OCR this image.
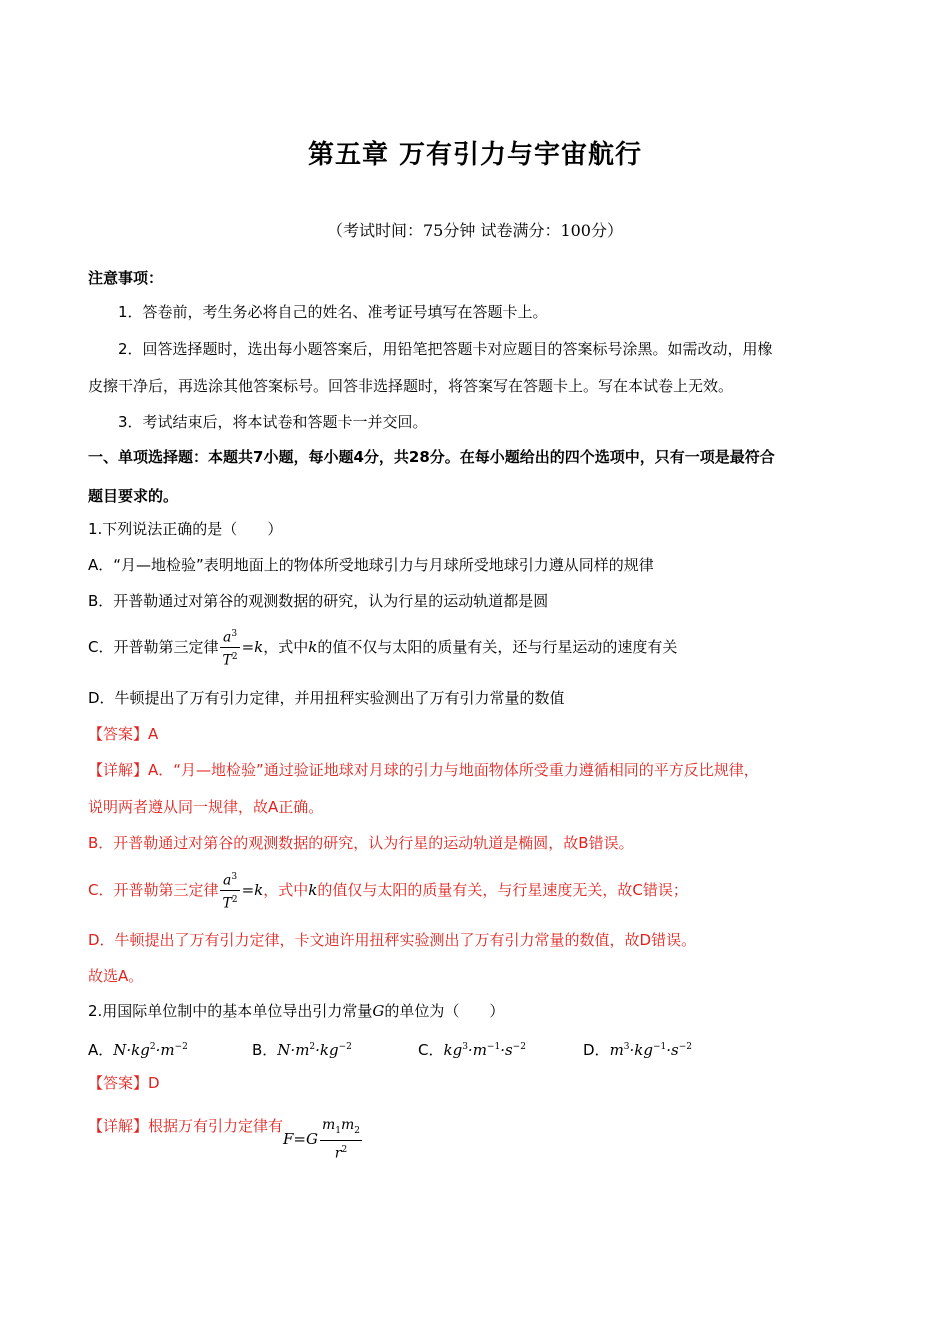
第五章 万有引力与宇宙航行
（考试时间：75分钟 试卷满分：100分）
注意事项：
1．答卷前，考生务必将自己的姓名、准考证号填写在答题卡上。
2．回答选择题时，选出每小题答案后，用铅笔把答题卡对应题目的答案标号涂黑。如需改动，用橡
皮擦干净后，再选涂其他答案标号。回答非选择题时，将答案写在答题卡上。写在本试卷上无效。
3．考试结束后，将本试卷和答题卡一并交回。
一、单项选择题：本题共7小题，每小题4分，共28分。在每小题给出的四个选项中，只有一项是最符合
题目要求的。
1.下列说法正确的是（　　）
A．“月—地检验”表明地面上的物体所受地球引力与月球所受地球引力遵从同样的规律
B．开普勒通过对第谷的观测数据的研究，认为行星的运动轨道都是圆
C．开普勒第三定律 $\frac{a^3}{T^2} =k$，式中k的值不仅与太阳的质量有关，还与行星运动的速度有关
D．牛顿提出了万有引力定律，并用扭秤实验测出了万有引力常量的数值
【答案】A
【详解】A．“月—地检验”通过验证地球对月球的引力与地面物体所受重力遵循相同的平方反比规律，
说明两者遵从同一规律，故A正确。
B．开普勒通过对第谷的观测数据的研究，认为行星的运动轨道是椭圆，故B错误。
C．开普勒第三定律 $\frac{a^3}{T^2} =k$，式中k的值仅与太阳的质量有关，与行星速度无关，故C错误；
D．牛顿提出了万有引力定律，卡文迪许用扭秤实验测出了万有引力常量的数值，故D错误。
故选A。
2.用国际单位制中的基本单位导出引力常量G的单位为（　　）
A．$N\cdot kg^2\cdot m^{-2}$	B．$N\cdot m^2\cdot kg^{-2}$	C．$kg^3\cdot m^{-1}\cdot s^{-2}$	D．$m^3\cdot kg^{-1}\cdot s^{-2}$
【答案】D
【详解】根据万有引力定律有$F=G \frac{m_1m_2}{r^2}$
